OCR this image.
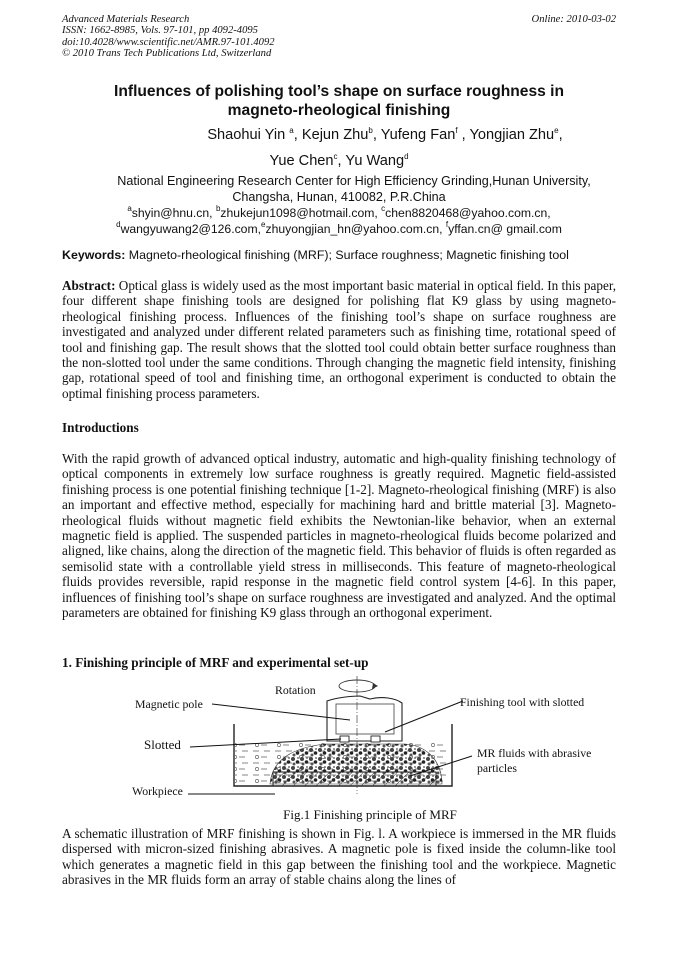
Advanced Materials Research
ISSN: 1662-8985, Vols. 97-101, pp 4092-4095
doi:10.4028/www.scientific.net/AMR.97-101.4092
© 2010 Trans Tech Publications Ltd, Switzerland
Online: 2010-03-02
Influences of polishing tool’s shape on surface roughness in
magneto-rheological finishing
Shaohui Yin $^a$, Kejun Zhu$^b$, Yufeng Fan$^f$ , Yongjian Zhu$^e$,
Yue Chen$^c$, Yu Wang$^d$
National Engineering Research Center for High Efficiency Grinding,Hunan University,
Changsha, Hunan, 410082, P.R.China
$^a$shyin@hnu.cn, $^b$zhukejun1098@hotmail.com, $^c$chen8820468@yahoo.com.cn,
$^d$wangyuwang2@126.com,$^e$zhuyongjian_hn@yahoo.com.cn, $^f$yffan.cn@ gmail.com
Keywords: Magneto-rheological finishing (MRF); Surface roughness; Magnetic finishing tool
Abstract: Optical glass is widely used as the most important basic material in optical field. In this paper, four different shape finishing tools are designed for polishing flat K9 glass by using magneto-rheological finishing process. Influences of the finishing tool’s shape on surface roughness are investigated and analyzed under different related parameters such as finishing time, rotational speed of tool and finishing gap. The result shows that the slotted tool could obtain better surface roughness than the non-slotted tool under the same conditions. Through changing the magnetic field intensity, finishing gap, rotational speed of tool and finishing time, an orthogonal experiment is conducted to obtain the optimal finishing process parameters.
Introductions
With the rapid growth of advanced optical industry, automatic and high-quality finishing technology of optical components in extremely low surface roughness is greatly required. Magnetic field-assisted finishing process is one potential finishing technique [1-2]. Magneto-rheological finishing (MRF) is also an important and effective method, especially for machining hard and brittle material [3]. Magneto-rheological fluids without magnetic field exhibits the Newtonian-like behavior, when an external magnetic field is applied. The suspended particles in magneto-rheological fluids become polarized and aligned, like chains, along the direction of the magnetic field. This behavior of fluids is often regarded as semisolid state with a controllable yield stress in milliseconds. This feature of magneto-rheological fluids provides reversible, rapid response in the magnetic field control system [4-6]. In this paper, influences of finishing tool’s shape on surface roughness are investigated and analyzed. And the optimal parameters are obtained for finishing K9 glass through an orthogonal experiment.
1. Finishing principle of MRF and experimental set-up
Rotation
Magnetic pole	Finishing tool with slotted
Slotted
MR fluids with abrasive
particles
Workpiece
Fig.1 Finishing principle of MRF
A schematic illustration of MRF finishing is shown in Fig. l. A workpiece is immersed in the MR fluids dispersed with micron-sized finishing abrasives. A magnetic pole is fixed inside the column-like tool which generates a magnetic field in this gap between the finishing tool and the workpiece. Magnetic abrasives in the MR fluids form an array of stable chains along the lines of
